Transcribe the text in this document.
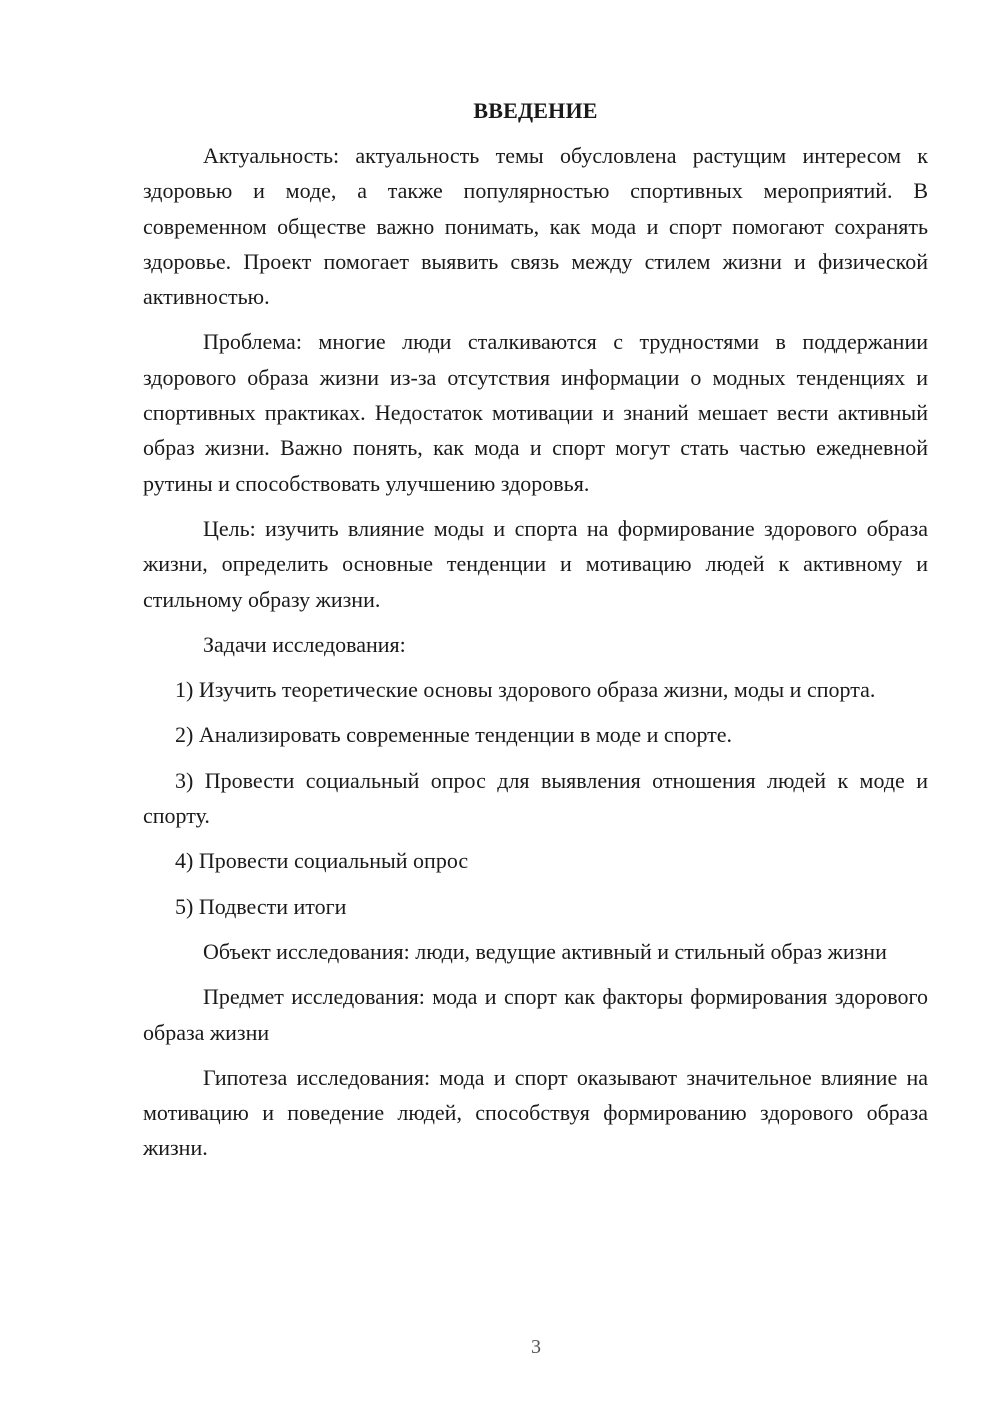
ВВЕДЕНИЕ

Актуальность: актуальность темы обусловлена растущим интересом к здоровью и моде, а также популярностью спортивных мероприятий. В современном обществе важно понимать, как мода и спорт помогают сохранять здоровье. Проект помогает выявить связь между стилем жизни и физической активностью.

Проблема: многие люди сталкиваются с трудностями в поддержании здорового образа жизни из-за отсутствия информации о модных тенденциях и спортивных практиках. Недостаток мотивации и знаний мешает вести активный образ жизни. Важно понять, как мода и спорт могут стать частью ежедневной рутины и способствовать улучшению здоровья.

Цель: изучить влияние моды и спорта на формирование здорового образа жизни, определить основные тенденции и мотивацию людей к активному и стильному образу жизни.

Задачи исследования:

1) Изучить теоретические основы здорового образа жизни, моды и спорта.

2) Анализировать современные тенденции в моде и спорте.

3) Провести социальный опрос для выявления отношения людей к моде и спорту.

4) Провести социальный опрос

5) Подвести итоги

Объект исследования: люди, ведущие активный и стильный образ жизни

Предмет исследования: мода и спорт как факторы формирования здорового образа жизни

Гипотеза исследования: мода и спорт оказывают значительное влияние на мотивацию и поведение людей, способствуя формированию здорового образа жизни.

3
